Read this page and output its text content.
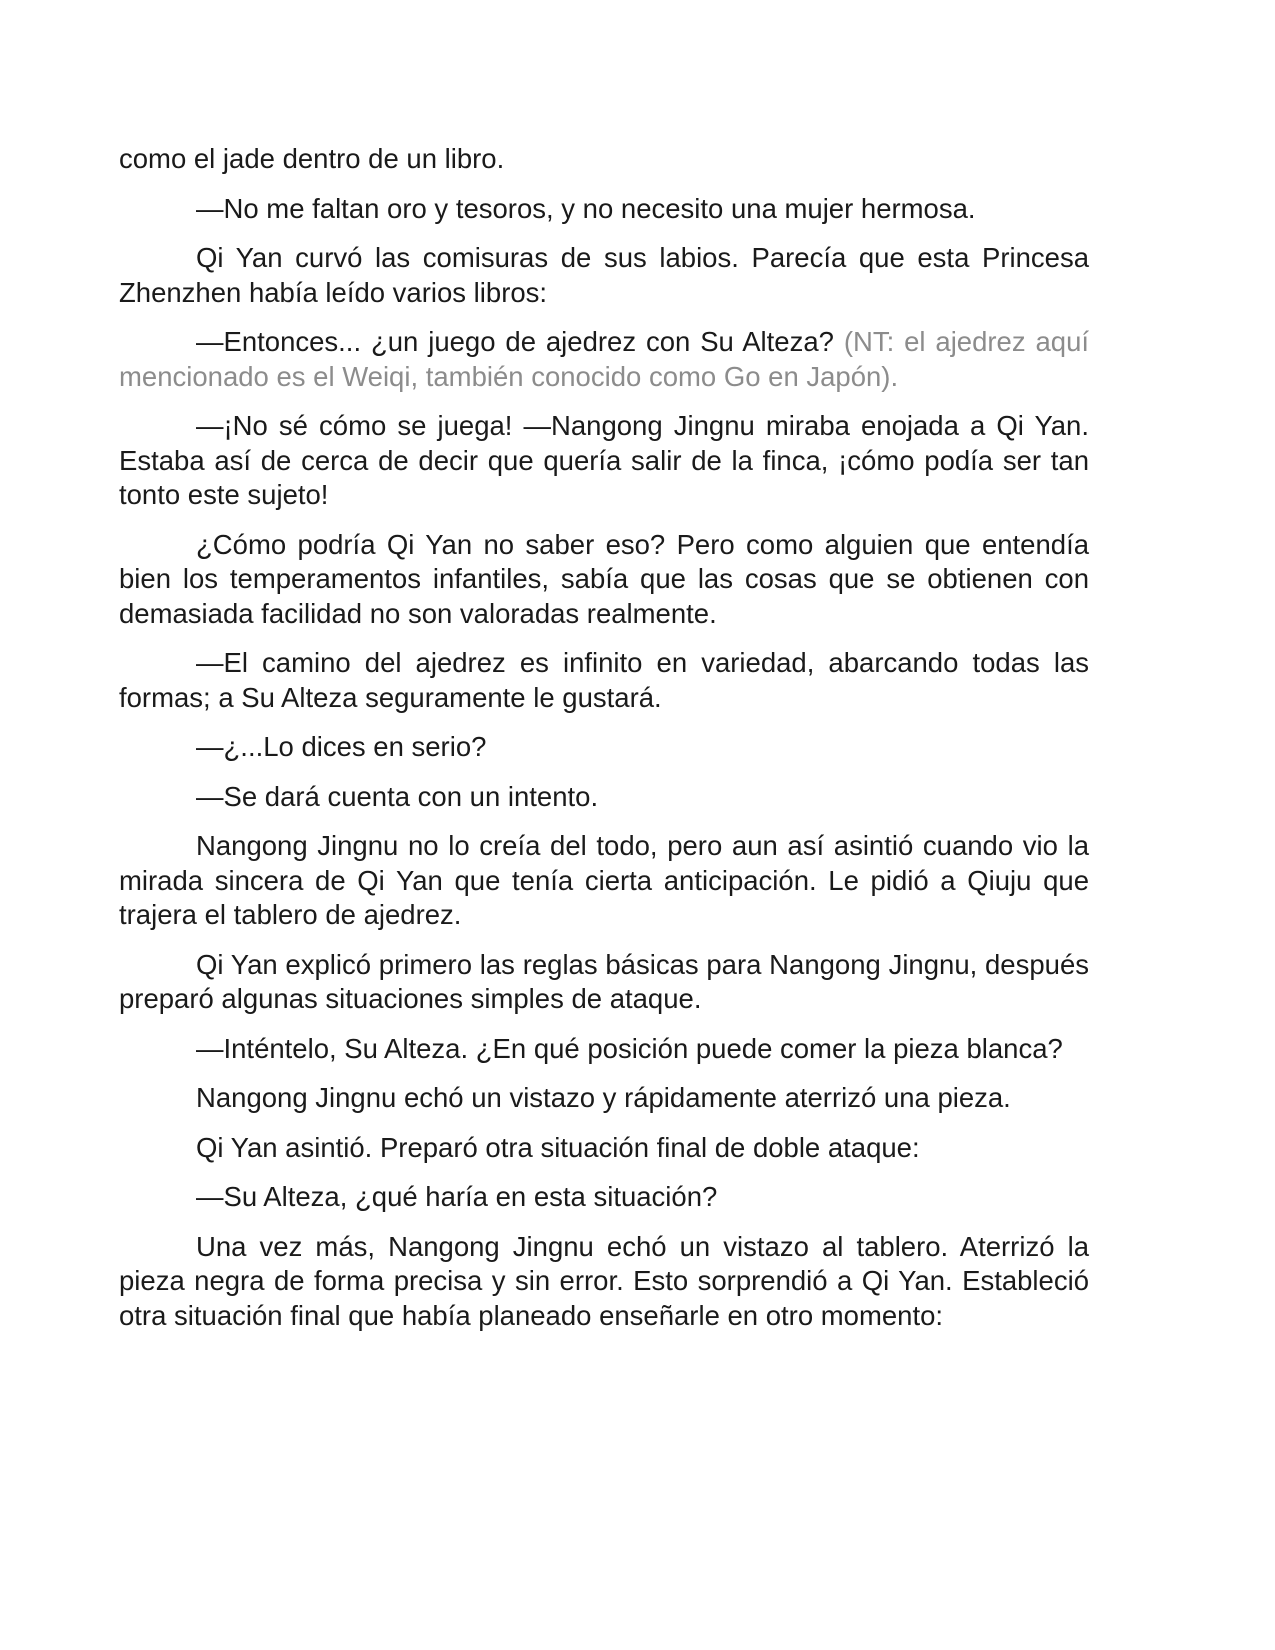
como el jade dentro de un libro.

—No me faltan oro y tesoros, y no necesito una mujer hermosa.

Qi Yan curvó las comisuras de sus labios. Parecía que esta Princesa Zhenzhen había leído varios libros:

—Entonces... ¿un juego de ajedrez con Su Alteza? (NT: el ajedrez aquí mencionado es el Weiqi, también conocido como Go en Japón).

—¡No sé cómo se juega! —Nangong Jingnu miraba enojada a Qi Yan. Estaba así de cerca de decir que quería salir de la finca, ¡cómo podía ser tan tonto este sujeto!

¿Cómo podría Qi Yan no saber eso? Pero como alguien que entendía bien los temperamentos infantiles, sabía que las cosas que se obtienen con demasiada facilidad no son valoradas realmente.

—El camino del ajedrez es infinito en variedad, abarcando todas las formas; a Su Alteza seguramente le gustará.

—¿...Lo dices en serio?

—Se dará cuenta con un intento.

Nangong Jingnu no lo creía del todo, pero aun así asintió cuando vio la mirada sincera de Qi Yan que tenía cierta anticipación. Le pidió a Qiuju que trajera el tablero de ajedrez.

Qi Yan explicó primero las reglas básicas para Nangong Jingnu, después preparó algunas situaciones simples de ataque.

—Inténtelo, Su Alteza. ¿En qué posición puede comer la pieza blanca?

Nangong Jingnu echó un vistazo y rápidamente aterrizó una pieza.

Qi Yan asintió. Preparó otra situación final de doble ataque:

—Su Alteza, ¿qué haría en esta situación?

Una vez más, Nangong Jingnu echó un vistazo al tablero. Aterrizó la pieza negra de forma precisa y sin error. Esto sorprendió a Qi Yan. Estableció otra situación final que había planeado enseñarle en otro momento:
